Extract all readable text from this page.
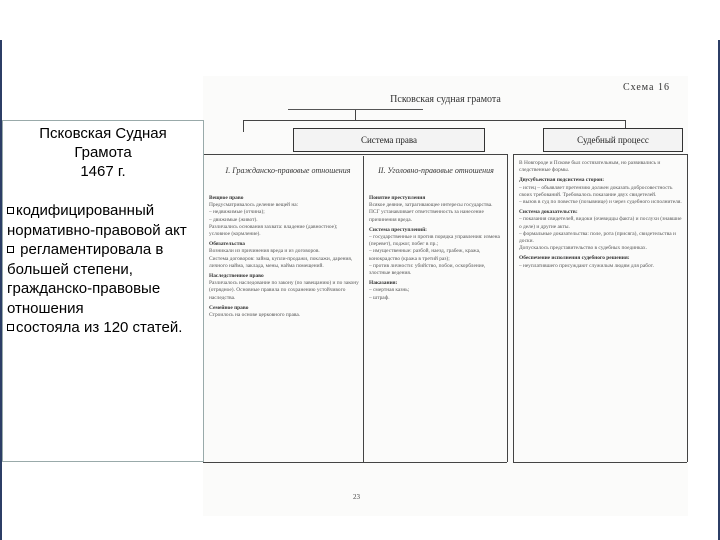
Схема 16
Псковская судная грамота
Система права	Судебный процесс
I. Гражданско-правовые отношения	II. Уголовно-правовые отношения
Вещное право
Предусматривалось деление вещей на:
– недвижимые (отчина);
– движимые (живот).
Различались основания захвата: владение (давностное); условное (кормление).
Обязательства
Возникали из причинения вреда и из договоров.
Система договоров: займа, купли-продажи, поклажи, дарения, личного найма, заклада, мены, найма помещений.
Наследственное право
Различалось наследование по закону (по завещанию) и по закону (отрядное). Основные правила по сохранению устойчивого наследства.
Семейное право
Строилось на основе церковного права.
Понятие преступления
Всякое деяние, затрагивающее интересы государства. ПСГ устанавливает ответственность за нанесение причинения вреда.
Система преступлений:
– государственные и против порядка управления: измена (перевет), поджог, побег в пр.;
– имущественные: разбой, наезд, грабеж, кража, конокрадство (кража в третий раз);
– против личности: убийство, побои, оскорбление, злостные ведения.
Наказания:
– смертная казнь;
– штраф.
В Новгороде и Пскове был состязательным, но развивались и следственные формы.
Двусубъектная подсистема сторон:
– истец – объявляет претензию должен доказать добросовестность своих требований. Требовалось показание двух свидетелей.
– вызов в суд по повестке (позывнице) и через судебного исполнителя.
Система доказательств:
– показания свидетелей, видоки (очевидцы факта) и послухи (знавшие о деле) и другие акты.
– формальные доказательства: поле, рота (присяга), свидетельства и доски.
Допускалось представительство в судебных поединках.
Обеспечение исполнения судебного решения:
– неуплатившего присуждают служилым людям для работ.
23
Псковская Судная
Грамота
1467 г.
кодифицированный нормативно-правовой акт
регламентировала в большей степени, гражданско-правовые отношения
состояла из 120 статей.
